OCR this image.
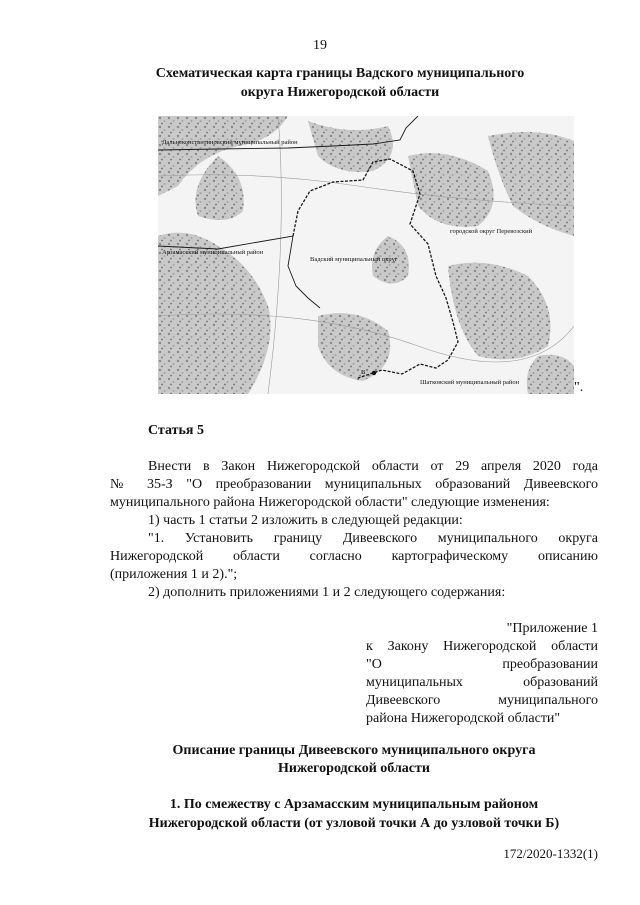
19
Схематическая карта границы Вадского муниципального
округа Нижегородской области
Дальнеконстантиновский муниципальный район
городской округ Перевозский
Арзамасский муниципальный район
Вадский муниципальный округ
Шатковский муниципальный район
В
".
Статья 5
Внести в Закон Нижегородской области от 29 апреля 2020 года
№ 35-З "О преобразовании муниципальных образований Дивеевского
муниципального района Нижегородской области" следующие изменения:
1) часть 1 статьи 2 изложить в следующей редакции:
"1. Установить границу Дивеевского муниципального округа
Нижегородской области согласно картографическому описанию
(приложения 1 и 2).";
2) дополнить приложениями 1 и 2 следующего содержания:
"Приложение 1
к Закону Нижегородской области
"О преобразовании
муниципальных образований
Дивеевского муниципального
района Нижегородской области"
Описание границы Дивеевского муниципального округа
Нижегородской области
1. По смежеству с Арзамасским муниципальным районом
Нижегородской области (от узловой точки А до узловой точки Б)
172/2020-1332(1)
